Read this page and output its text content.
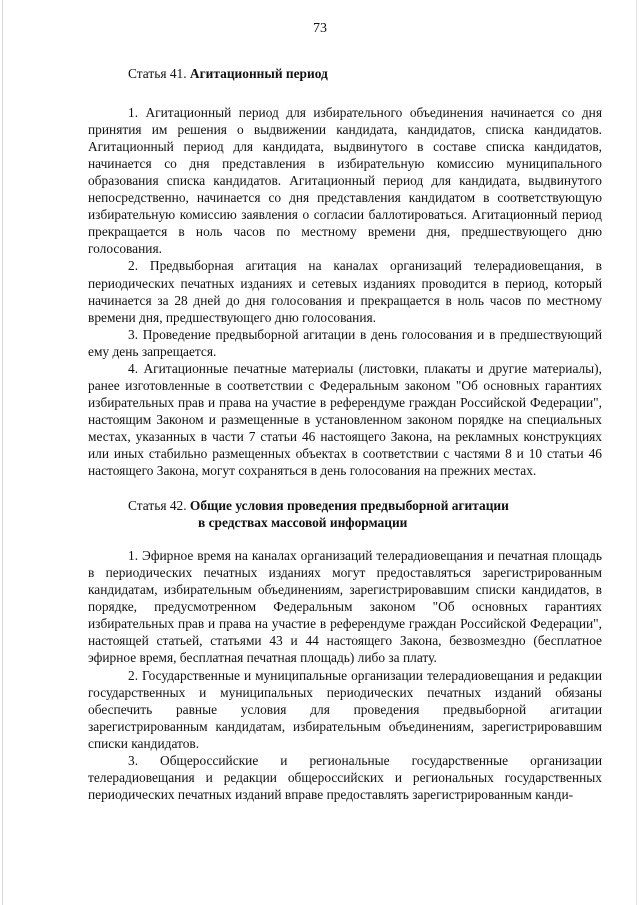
73

Статья 41. Агитационный период

1. Агитационный период для избирательного объединения начинается со дня принятия им решения о выдвижении кандидата, кандидатов, списка кандидатов. Агитационный период для кандидата, выдвинутого в составе списка кандидатов, начинается со дня представления в избирательную комиссию муниципального образования списка кандидатов. Агитационный период для кандидата, выдвинутого непосредственно, начинается со дня представления кандидатом в соответствующую избирательную комиссию заявления о согласии баллотироваться. Агитационный период прекращается в ноль часов по местному времени дня, предшествующего дню голосования.

2. Предвыборная агитация на каналах организаций телерадиовещания, в периодических печатных изданиях и сетевых изданиях проводится в период, который начинается за 28 дней до дня голосования и прекращается в ноль часов по местному времени дня, предшествующего дню голосования.

3. Проведение предвыборной агитации в день голосования и в предшествующий ему день запрещается.

4. Агитационные печатные материалы (листовки, плакаты и другие материалы), ранее изготовленные в соответствии с Федеральным законом "Об основных гарантиях избирательных прав и права на участие в референдуме граждан Российской Федерации", настоящим Законом и размещенные в установленном законом порядке на специальных местах, указанных в части 7 статьи 46 настоящего Закона, на рекламных конструкциях или иных стабильно размещенных объектах в соответствии с частями 8 и 10 статьи 46 настоящего Закона, могут сохраняться в день голосования на прежних местах.

Статья 42. Общие условия проведения предвыборной агитации
в средствах массовой информации

1. Эфирное время на каналах организаций телерадиовещания и печатная площадь в периодических печатных изданиях могут предоставляться зарегистрированным кандидатам, избирательным объединениям, зарегистрировавшим списки кандидатов, в порядке, предусмотренном Федеральным законом "Об основных гарантиях избирательных прав и права на участие в референдуме граждан Российской Федерации", настоящей статьей, статьями 43 и 44 настоящего Закона, безвозмездно (бесплатное эфирное время, бесплатная печатная площадь) либо за плату.

2. Государственные и муниципальные организации телерадиовещания и редакции государственных и муниципальных периодических печатных изданий обязаны обеспечить равные условия для проведения предвыборной агитации зарегистрированным кандидатам, избирательным объединениям, зарегистрировавшим списки кандидатов.

3. Общероссийские и региональные государственные организации телерадиовещания и редакции общероссийских и региональных государственных периодических печатных изданий вправе предоставлять зарегистрированным канди-
